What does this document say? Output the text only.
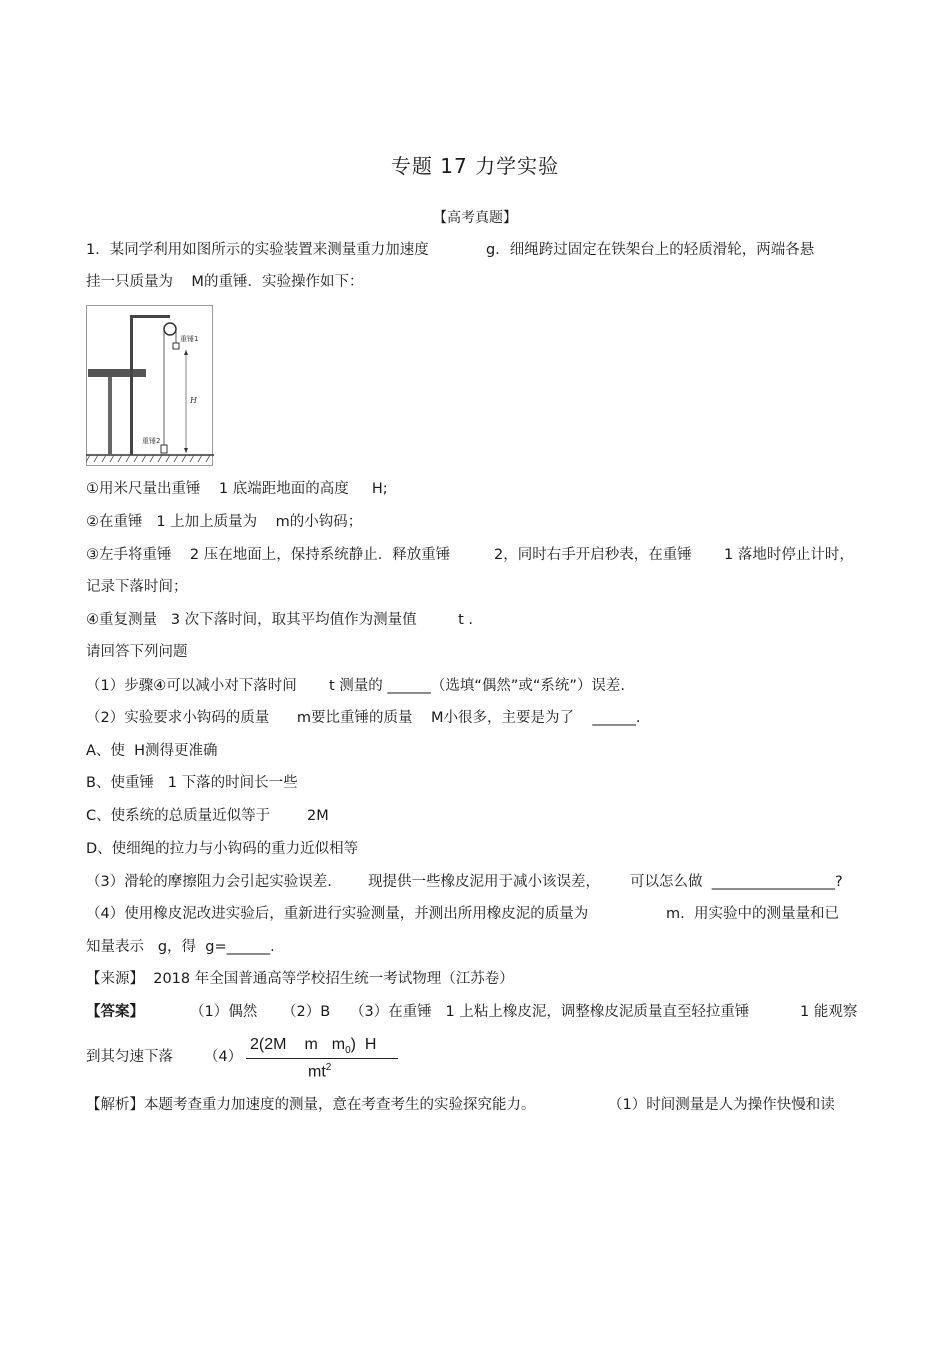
专题 17 力学实验
【高考真题】
1．某同学利用如图所示的实验装置来测量重力加速度	g．细绳跨过固定在铁架台上的轻质滑轮，两端各悬
挂一只质量为    M的重锤．实验操作如下：
重锤1
重锤2
H
①用米尺量出重锤    1 底端距地面的高度     H;
②在重锤   1 上加上质量为    m的小钩码；
③左手将重锤    2 压在地面上，保持系统静止．释放重锤	2，同时右手开启秒表，在重锤 1 落地时停止计时，
记录下落时间；
④重复测量   3 次下落时间，取其平均值作为测量值         t .
请回答下列问题
（1）步骤④可以减小对下落时间       t 测量的 ______（选填“偶然”或“系统”）误差.
（2）实验要求小钩码的质量      m要比重锤的质量    M小很多，主要是为了    ______.
A、使  H测得更准确
B、使重锤   1 下落的时间长一些
C、使系统的总质量近似等于        2M
D、使细绳的拉力与小钩码的重力近似相等
（3）滑轮的摩擦阻力会引起实验误差. 现提供一些橡皮泥用于减小该误差， 可以怎么做  _________________?
（4）使用橡皮泥改进实验后，重新进行实验测量，并测出所用橡皮泥的质量为	m.  用实验中的测量量和已
知量表示   g，得  g=______.
【来源】  2018 年全国普通高等学校招生统一考试物理（江苏卷）
【答案】	（1）偶然 （2）B （3）在重锤   1 上粘上橡皮泥，调整橡皮泥质量直至轻拉重锤	1 能观察
到其匀速下落 （4）
2(2M m $m_0$)  H
$mt^2$
【解析】本题考查重力加速度的测量，意在考查考生的实验探究能力。	（1）时间测量是人为操作快慢和读
